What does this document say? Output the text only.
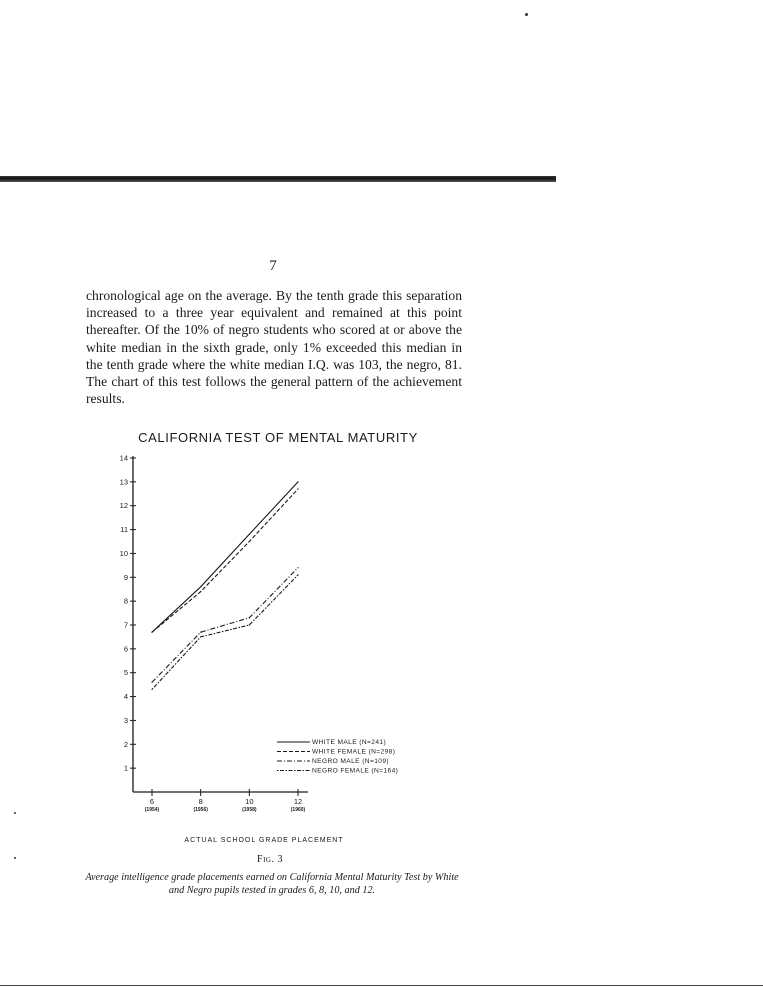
7
chronological age on the average. By the tenth grade this separation increased to a three year equivalent and remained at this point thereafter. Of the 10% of negro students who scored at or above the white median in the sixth grade, only 1% exceeded this median in the tenth grade where the white median I.Q. was 103, the negro, 81. The chart of this test follows the general pattern of the achievement results.
CALIFORNIA TEST OF MENTAL MATURITY
1
2
3
4
5
6
7
8
9
10
11
12
13
14
6
(1954)
8
(1956)
10
(1958)
12
(1960)
WHITE MALE (N=241)
WHITE FEMALE (N=298)
NEGRO MALE (N=109)
NEGRO FEMALE (N=164)
ACTUAL SCHOOL GRADE PLACEMENT
Fig. 3
Average intelligence grade placements earned on California Mental Maturity Test by White and Negro pupils tested in grades 6, 8, 10, and 12.
